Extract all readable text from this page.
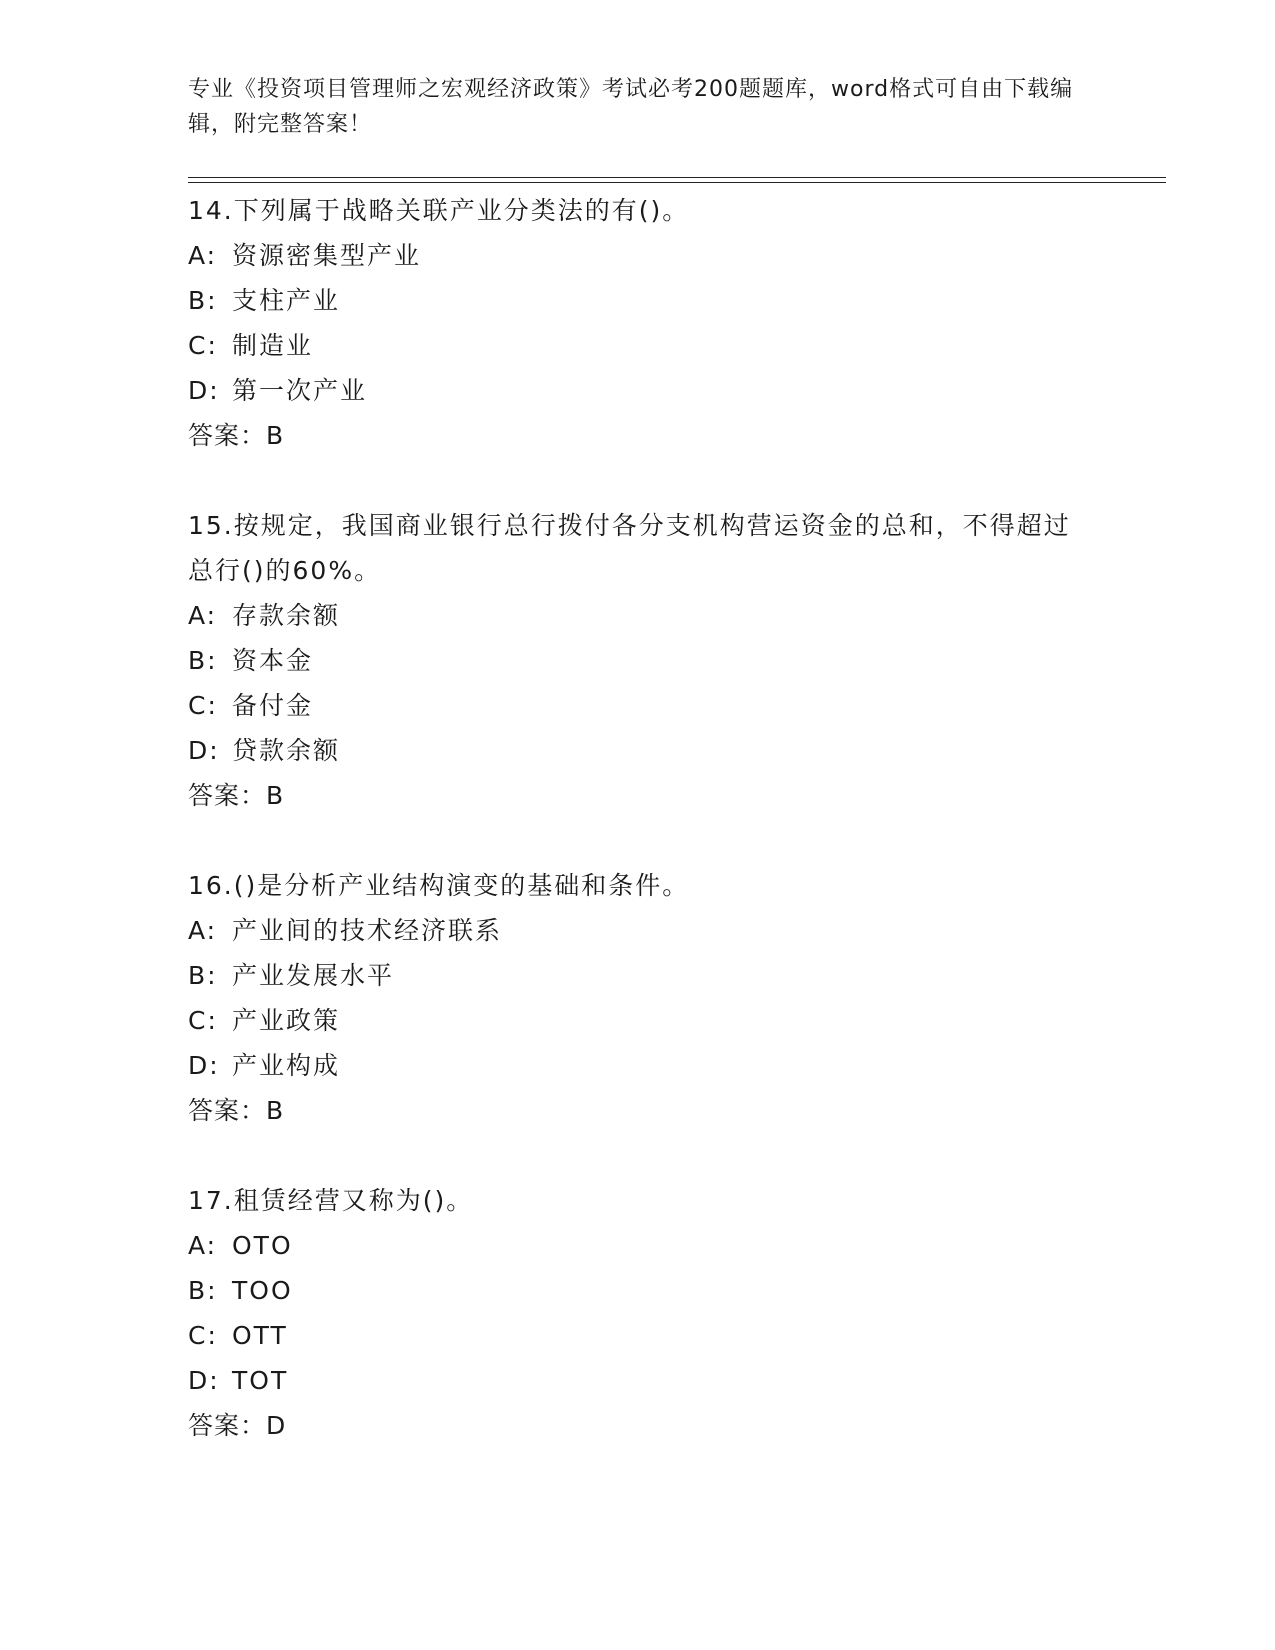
专业《投资项目管理师之宏观经济政策》考试必考200题题库，word格式可自由下载编辑，附完整答案！

14.下列属于战略关联产业分类法的有()。

A: 资源密集型产业
B: 支柱产业
C: 制造业
D: 第一次产业
答案：B

15.按规定，我国商业银行总行拨付各分支机构营运资金的总和，不得超过总行()的60%。

A: 存款余额
B: 资本金
C: 备付金
D: 贷款余额
答案：B

16.()是分析产业结构演变的基础和条件。

A: 产业间的技术经济联系
B: 产业发展水平
C: 产业政策
D: 产业构成
答案：B

17.租赁经营又称为()。

A: OTO
B: TOO
C: OTT
D: TOT
答案：D
